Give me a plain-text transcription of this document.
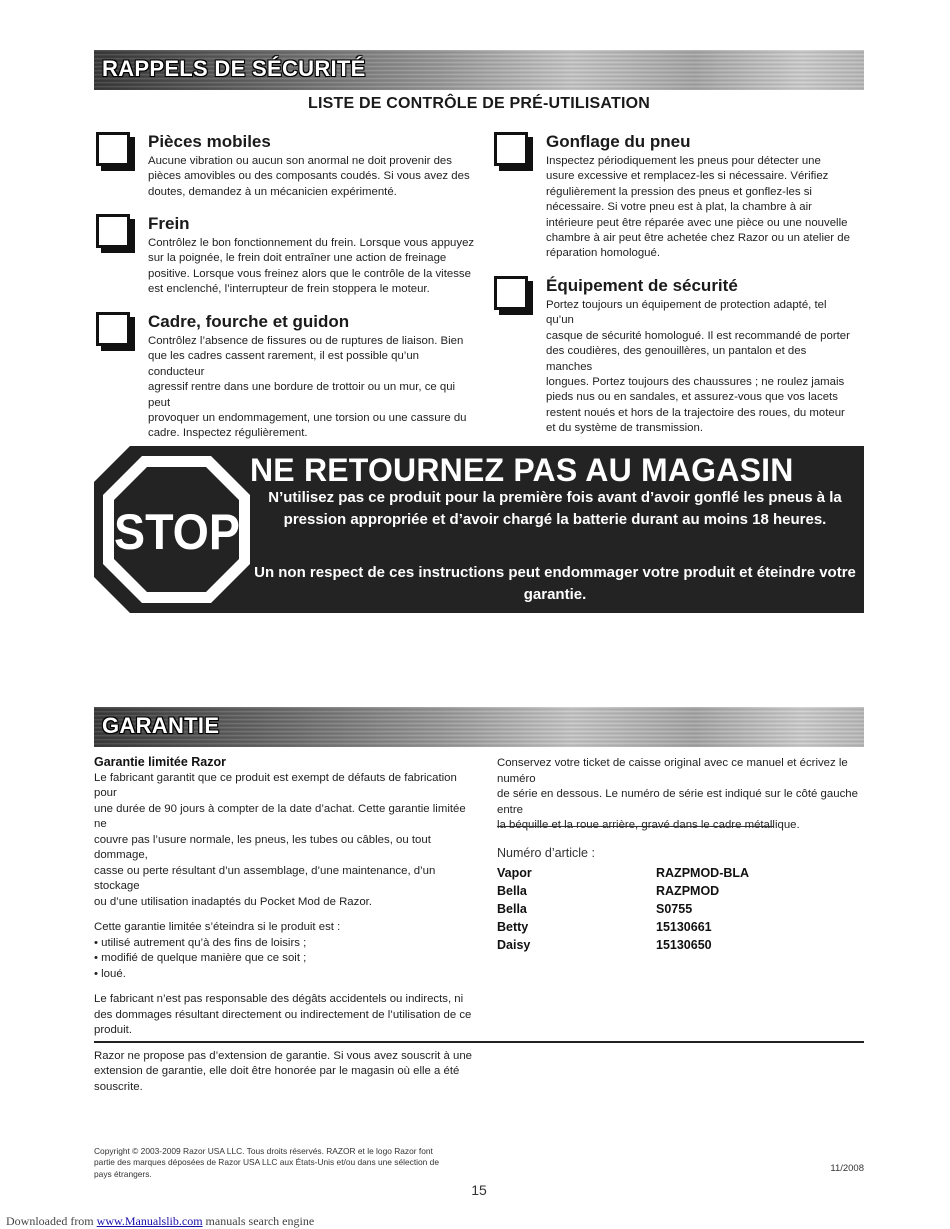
RAPPELS DE SÉCURITÉ
LISTE DE CONTRÔLE DE PRÉ-UTILISATION
Pièces mobiles
Aucune vibration ou aucun son anormal ne doit provenir des
pièces amovibles ou des composants coudés. Si vous avez des
doutes, demandez à un mécanicien expérimenté.
Frein
Contrôlez le bon fonctionnement du frein. Lorsque vous appuyez
sur la poignée, le frein doit entraîner une action de freinage
positive. Lorsque vous freinez alors que le contrôle de la vitesse
est enclenché, l’interrupteur de frein stoppera le moteur.
Cadre, fourche et guidon
Contrôlez l’absence de fissures ou de ruptures de liaison. Bien
que les cadres cassent rarement, il est possible qu’un conducteur
agressif rentre dans une bordure de trottoir ou un mur, ce qui peut
provoquer un endommagement, une torsion ou une cassure du
cadre. Inspectez régulièrement.
Gonflage du pneu
Inspectez périodiquement les pneus pour détecter une
usure excessive et remplacez-les si nécessaire. Vérifiez
régulièrement la pression des pneus et gonflez-les si
nécessaire. Si votre pneu est à plat, la chambre à air
intérieure peut être réparée avec une pièce ou une nouvelle
chambre à air peut être achetée chez Razor ou un atelier de
réparation homologué.
Équipement de sécurité
Portez toujours un équipement de protection adapté, tel qu’un
casque de sécurité homologué. Il est recommandé de porter
des coudières, des genouillères, un pantalon et des manches
longues. Portez toujours des chaussures ; ne roulez jamais
pieds nus ou en sandales, et assurez-vous que vos lacets
restent noués et hors de la trajectoire des roues, du moteur
et du système de transmission.
STOP
NE RETOURNEZ PAS AU MAGASIN
N’utilisez pas ce produit pour la première fois avant d’avoir gonflé les pneus à la pression appropriée et d’avoir chargé la batterie durant au moins 18 heures.
Un non respect de ces instructions peut endommager votre produit et éteindre votre garantie.
GARANTIE
Garantie limitée Razor

Le fabricant garantit que ce produit est exempt de défauts de fabrication pour
une durée de 90 jours à compter de la date d’achat. Cette garantie limitée ne
couvre pas l’usure normale, les pneus, les tubes ou câbles, ou tout dommage,
casse ou perte résultant d’un assemblage, d’une maintenance, d’un stockage
ou d’une utilisation inadaptés du Pocket Mod de Razor.

Cette garantie limitée s’éteindra si le produit est :
• utilisé autrement qu’à des fins de loisirs ;
• modifié de quelque manière que ce soit ;
• loué.

Le fabricant n’est pas responsable des dégâts accidentels ou indirects, ni
des dommages résultant directement ou indirectement de l’utilisation de ce
produit.

Razor ne propose pas d’extension de garantie. Si vous avez souscrit à une
extension de garantie, elle doit être honorée par le magasin où elle a été
souscrite.

Conservez votre ticket de caisse original avec ce manuel et écrivez le numéro
de série en dessous. Le numéro de série est indiqué sur le côté gauche entre
la béquille et la roue arrière, gravé dans le cadre métallique.

Numéro d’article :
Vapor	RAZPMOD-BLA
Bella	RAZPMOD
Bella	S0755
Betty	15130661
Daisy	15130650
Copyright © 2003-2009 Razor USA LLC. Tous droits réservés. RAZOR et le logo Razor font
partie des marques déposées de Razor USA LLC aux États-Unis et/ou dans une sélection de
pays étrangers.	11/2008
15
Downloaded from www.Manualslib.com manuals search engine
